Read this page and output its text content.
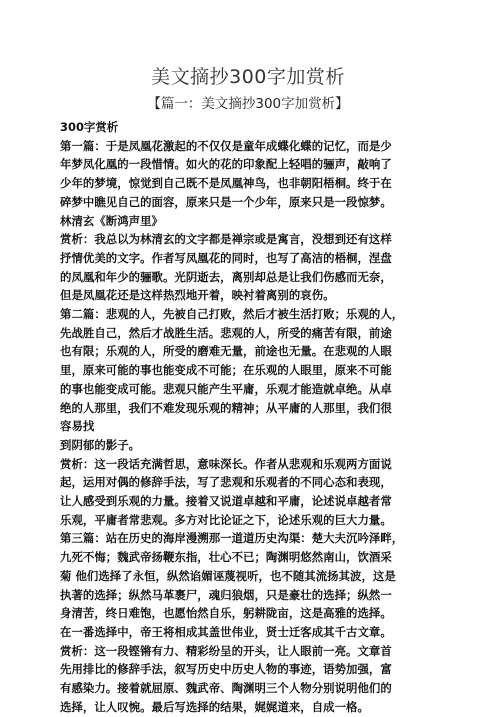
美文摘抄300字加赏析
【篇一：美文摘抄300字加赏析】
300字赏析
第一篇：于是凤凰花激起的不仅仅是童年成蝶化蝶的记忆，而是少
年梦凤化凰的一段惜情。如火的花的印象配上轻唱的骊声，敲响了
少年的梦境，惊觉到自己既不是凤凰神鸟，也非朝阳梧桐。终于在
碎梦中瞧见自己的面容，原来只是一个少年，原来只是一段惊梦。
林清玄《断鸿声里》
赏析：我总以为林清玄的文字都是禅宗或是寓言，没想到还有这样
抒情优美的文字。作者写凤凰花的同时，也写了高洁的梧桐，涅盘
的凤凰和年少的骊歌。光阴逝去，离别却总是让我们伤感而无奈，
但是凤凰花还是这样热烈地开着，映衬着离别的哀伤。
第二篇：悲观的人，先被自己打败，然后才被生活打败；乐观的人，
先战胜自己，然后才战胜生活。悲观的人，所受的痛苦有限，前途
也有限；乐观的人，所受的磨难无量，前途也无量。在悲观的人眼
里，原来可能的事也能变成不可能；在乐观的人眼里，原来不可能
的事也能变成可能。悲观只能产生平庸，乐观才能造就卓绝。从卓
绝的人那里，我们不难发现乐观的精神；从平庸的人那里，我们很
容易找
到阴郁的影子。
赏析：这一段话充满哲思，意味深长。作者从悲观和乐观两方面说
起，运用对偶的修辞手法，写了悲观和乐观者的不同心态和表现，
让人感受到乐观的力量。接着又说道卓越和平庸，论述说卓越者常
乐观，平庸者常悲观。多方对比论证之下，论述乐观的巨大力量。
第三篇：站在历史的海岸漫溯那一道道历史沟渠：楚大夫沉吟泽畔，
九死不悔；魏武帝扬鞭东指，壮心不已；陶渊明悠然南山，饮酒采
菊 他们选择了永恒，纵然谄媚诬蔑视听，也不随其流扬其波，这是
执著的选择；纵然马革裹尸，魂归狼烟，只是豪壮的选择；纵然一
身清苦，终日难饱，也愿怡然自乐，躬耕陇亩，这是高雅的选择。
在一番选择中，帝王将相成其盖世伟业，贤士迁客成其千古文章。
赏析：这一段铿锵有力、精彩纷呈的开头，让人眼前一亮。文章首
先用排比的修辞手法，叙写历史中历史人物的事迹，语势加强，富
有感染力。接着就屈原、魏武帝、陶渊明三个人物分别说明他们的
选择，让人叹惋。最后写选择的结果，娓娓道来，自成一格。
